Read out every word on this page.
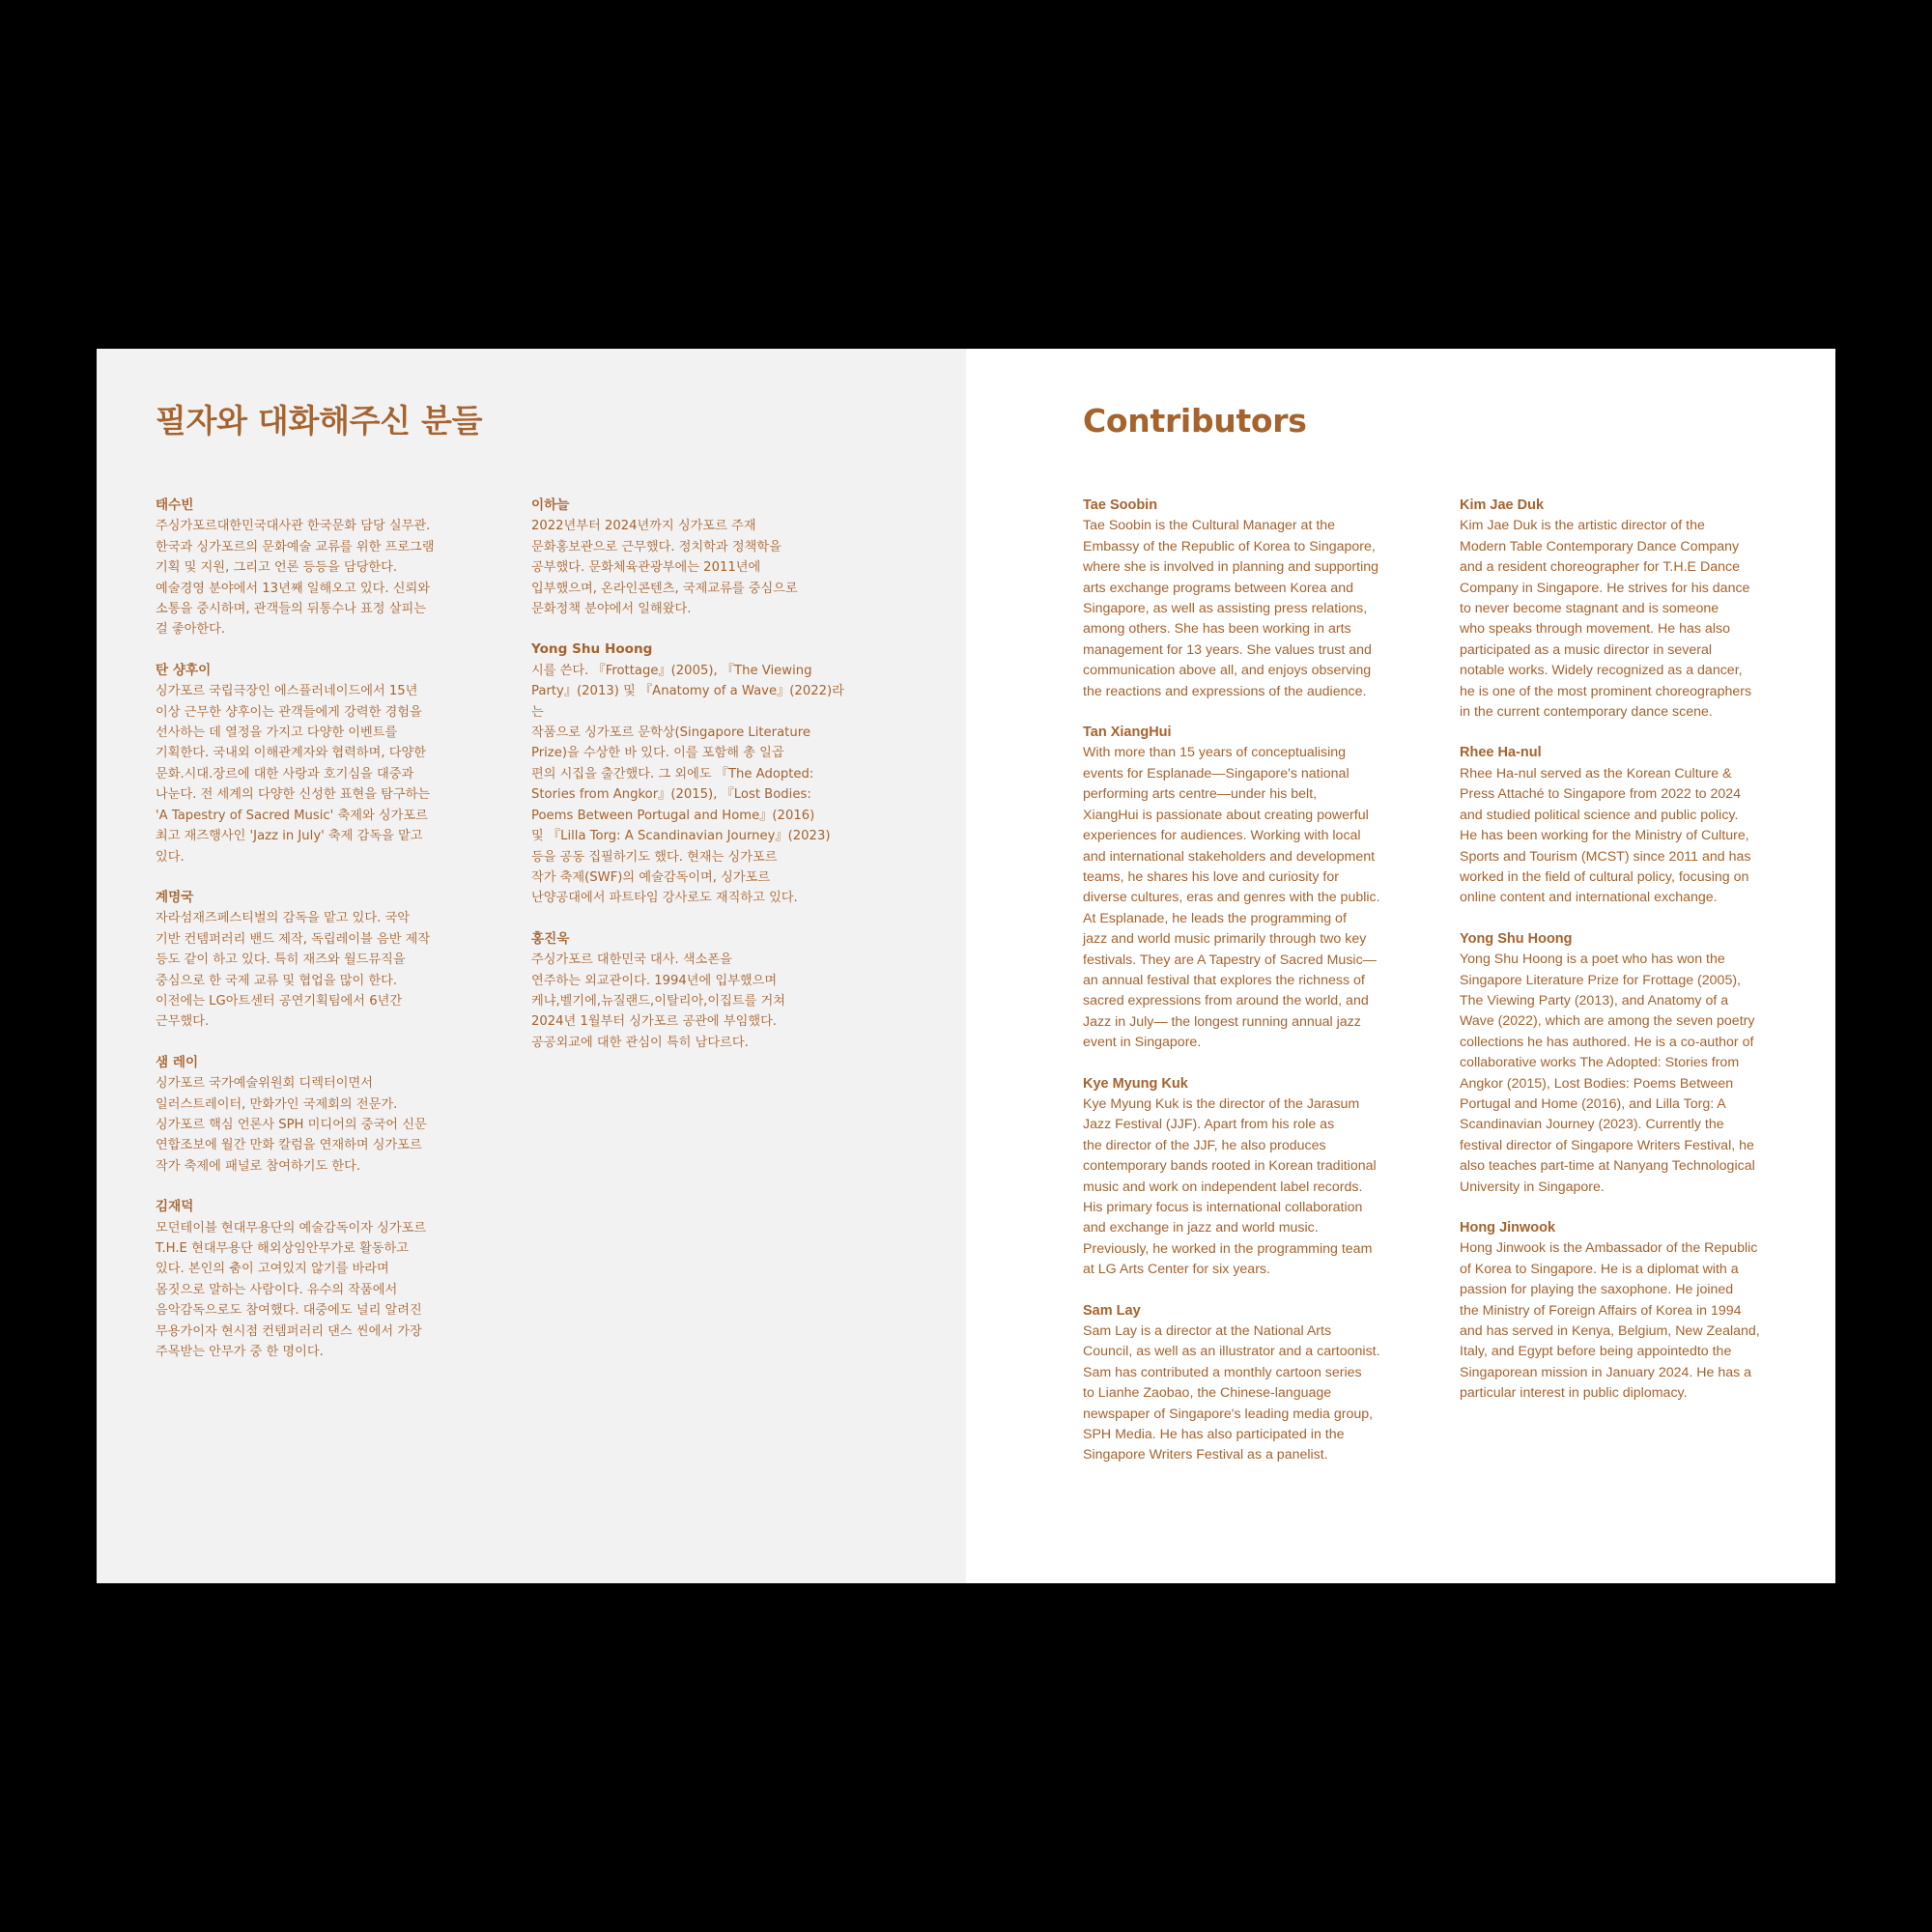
필자와 대화해주신 분들

태수빈

주싱가포르대한민국대사관 한국문화 담당 실무관.
한국과 싱가포르의 문화예술 교류를 위한 프로그램
기획 및 지원, 그리고 언론 등등을 담당한다.
예술경영 분야에서 13년째 일해오고 있다. 신뢰와
소통을 중시하며, 관객들의 뒤통수나 표정 살피는
걸 좋아한다.

탄 샹후이

싱가포르 국립극장인 에스플러네이드에서 15년
이상 근무한 샹후이는 관객들에게 강력한 경험을
선사하는 데 열정을 가지고 다양한 이벤트를
기획한다. 국내외 이해관계자와 협력하며, 다양한
문화.시대.장르에 대한 사랑과 호기심을 대중과
나눈다. 전 세계의 다양한 신성한 표현을 탐구하는
'A Tapestry of Sacred Music' 축제와 싱가포르
최고 재즈행사인 'Jazz in July' 축제 감독을 맡고
있다.

계명국

자라섬재즈페스티벌의 감독을 맡고 있다. 국악
기반 컨템퍼러리 밴드 제작, 독립레이블 음반 제작
등도 같이 하고 있다. 특히 재즈와 월드뮤직을
중심으로 한 국제 교류 및 협업을 많이 한다.
이전에는 LG아트센터 공연기획팀에서 6년간
근무했다.

샘 레이

싱가포르 국가예술위원회 디렉터이면서
일러스트레이터, 만화가인 국제회의 전문가.
싱가포르 핵심 언론사 SPH 미디어의 중국어 신문
연합조보에 월간 만화 칼럼을 연재하며 싱가포르
작가 축제에 패널로 참여하기도 한다.

김재덕

모던테이블 현대무용단의 예술감독이자 싱가포르
T.H.E 현대무용단 해외상임안무가로 활동하고
있다. 본인의 춤이 고여있지 않기를 바라며
몸짓으로 말하는 사람이다. 유수의 작품에서
음악감독으로도 참여했다. 대중에도 널리 알려진
무용가이자 현시점 컨템퍼러리 댄스 씬에서 가장
주목받는 안무가 중 한 명이다.

이하늘

2022년부터 2024년까지 싱가포르 주재
문화홍보관으로 근무했다. 정치학과 정책학을
공부했다. 문화체육관광부에는 2011년에
입부했으며, 온라인콘텐츠, 국제교류를 중심으로
문화정책 분야에서 일해왔다.

Yong Shu Hoong

시를 쓴다. 『Frottage』(2005), 『The Viewing
Party』(2013) 및 『Anatomy of a Wave』(2022)라는
작품으로 싱가포르 문학상(Singapore Literature
Prize)을 수상한 바 있다. 이를 포함해 총 일곱
편의 시집을 출간했다. 그 외에도 『The Adopted:
Stories from Angkor』(2015), 『Lost Bodies:
Poems Between Portugal and Home』(2016)
및 『Lilla Torg: A Scandinavian Journey』(2023)
등을 공동 집필하기도 했다. 현재는 싱가포르
작가 축제(SWF)의 예술감독이며, 싱가포르
난양공대에서 파트타임 강사로도 재직하고 있다.

홍진욱

주싱가포르 대한민국 대사. 색소폰을
연주하는 외교관이다. 1994년에 입부했으며
케냐,벨기에,뉴질랜드,이탈리아,이집트를 거쳐
2024년 1월부터 싱가포르 공관에 부임했다.
공공외교에 대한 관심이 특히 남다르다.

Contributors

Tae Soobin

Tae Soobin is the Cultural Manager at the
Embassy of the Republic of Korea to Singapore,
where she is involved in planning and supporting
arts exchange programs between Korea and
Singapore, as well as assisting press relations,
among others. She has been working in arts
management for 13 years. She values trust and
communication above all, and enjoys observing
the reactions and expressions of the audience.

Tan XiangHui

With more than 15 years of conceptualising
events for Esplanade—Singapore's national
performing arts centre—under his belt,
XiangHui is passionate about creating powerful
experiences for audiences. Working with local
and international stakeholders and development
teams, he shares his love and curiosity for
diverse cultures, eras and genres with the public.
At Esplanade, he leads the programming of
jazz and world music primarily through two key
festivals. They are A Tapestry of Sacred Music—
an annual festival that explores the richness of
sacred expressions from around the world, and
Jazz in July— the longest running annual jazz
event in Singapore.

Kye Myung Kuk

Kye Myung Kuk is the director of the Jarasum
Jazz Festival (JJF). Apart from his role as
the director of the JJF, he also produces
contemporary bands rooted in Korean traditional
music and work on independent label records.
His primary focus is international collaboration
and exchange in jazz and world music.
Previously, he worked in the programming team
at LG Arts Center for six years.

Sam Lay

Sam Lay is a director at the National Arts
Council, as well as an illustrator and a cartoonist.
Sam has contributed a monthly cartoon series
to Lianhe Zaobao, the Chinese-language
newspaper of Singapore's leading media group,
SPH Media. He has also participated in the
Singapore Writers Festival as a panelist.

Kim Jae Duk

Kim Jae Duk is the artistic director of the
Modern Table Contemporary Dance Company
and a resident choreographer for T.H.E Dance
Company in Singapore. He strives for his dance
to never become stagnant and is someone
who speaks through movement. He has also
participated as a music director in several
notable works. Widely recognized as a dancer,
he is one of the most prominent choreographers
in the current contemporary dance scene.

Rhee Ha-nul

Rhee Ha-nul served as the Korean Culture &
Press Attaché to Singapore from 2022 to 2024
and studied political science and public policy.
He has been working for the Ministry of Culture,
Sports and Tourism (MCST) since 2011 and has
worked in the field of cultural policy, focusing on
online content and international exchange.

Yong Shu Hoong

Yong Shu Hoong is a poet who has won the
Singapore Literature Prize for Frottage (2005),
The Viewing Party (2013), and Anatomy of a
Wave (2022), which are among the seven poetry
collections he has authored. He is a co-author of
collaborative works The Adopted: Stories from
Angkor (2015), Lost Bodies: Poems Between
Portugal and Home (2016), and Lilla Torg: A
Scandinavian Journey (2023). Currently the
festival director of Singapore Writers Festival, he
also teaches part-time at Nanyang Technological
University in Singapore.

Hong Jinwook

Hong Jinwook is the Ambassador of the Republic
of Korea to Singapore. He is a diplomat with a
passion for playing the saxophone. He joined
the Ministry of Foreign Affairs of Korea in 1994
and has served in Kenya, Belgium, New Zealand,
Italy, and Egypt before being appointedto the
Singaporean mission in January 2024. He has a
particular interest in public diplomacy.
